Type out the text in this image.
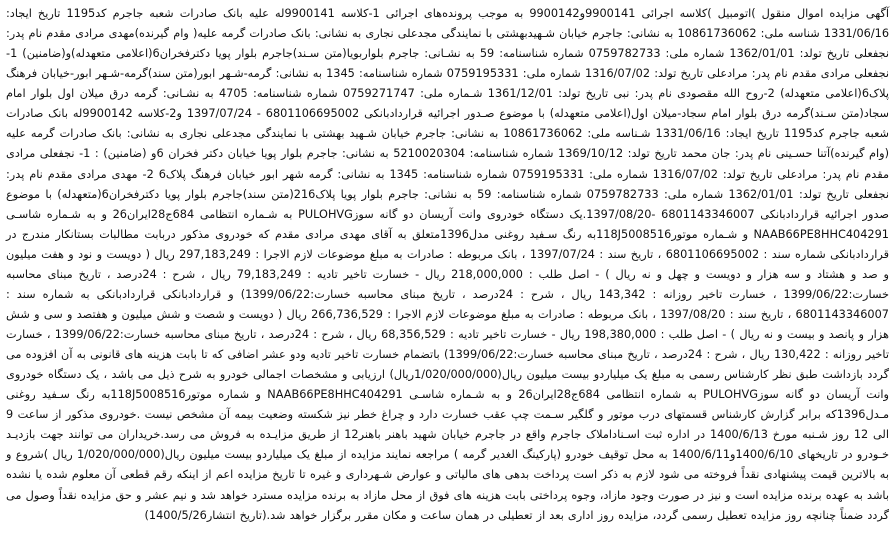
آگهی مزایده اموال منقول )اتومبیل )کلاسه اجرائی 9900141و9900142 به موجب پرونده‌های اجرائی 1-کلاسه 9900141له علیه بانک صادرات شعبه جاجرم کد1195 تاریخ ایجاد: 1331/06/16 شناسه ملی: 10861736062 به نشانی: جاجرم خیابان شـهیدبهشتی با نمایندگی مجدعلی نجاری به نشانی: بانک صادرات گرمه علیه( وام گیرنده)مهدی مرادی مقدم نام پدر: نجفعلی تاریخ تولد: 1362/01/01 شماره ملی: 0759782733 شماره شناسنامه: 59 به نشـانی: جاجرم بلواربویا(متن سـند)جاجرم بلوار پویا دکترفخران6(اعلامی متعهدله)و(ضامنین) 1- نجفعلی مرادی مقدم نام پدر: مرادعلی تاریخ تولد: 1316/07/02 شماره ملی: 0759195331 شماره شناسنامه: 1345 به نشانی: گرمه-شـهر ابور(متن سند)گرمه-شـهر ابور-خیابان فرهنگ پلاک6(اعلامی متعهدله) 2-روح الله مقصودی نام پدر: نبی تاریخ تولد: 1361/12/01 شـماره ملی: 0759271747 شماره شناسنامه: 4705 به نشـانی: گرمه درق میلان اول بلوار امام سجاد(متن سـند)گرمه درق بلوار امام سجاد-میلان اول(اعلامی متعهدله) با موضوع صـدور اجرائیه قراردادبانکی 6801106695002 - 1397/07/24 و2-کلاسه 9900142له بانک صادرات شعبه جاجرم کد1195 تاریخ ایجاد: 1331/06/16 شـناسه ملی: 10861736062 به نشانی: جاجرم خیابان شـهید بهشتی با نمایندگی مجدعلی نجاری به نشانی: بانک صادرات گرمه علیه (وام گیرنده)آتنا حسـینی نام پدر: جان محمد تاریخ تولد: 1369/10/12 شماره شناسنامه: 5210020304 به نشانی: جاجرم بلوار پویا خیابان دکتر فخران 6و (ضامنین) : 1- نجفعلی مرادی مقدم نام پدر: مرادعلی تاریخ تولد: 1316/07/02 شماره ملی: 0759195331 شماره شناسنامه: 1345 به نشانی: گرمه شهر ابور خیابان فرهنگ پلاک6 2- مهدی مرادی مقدم نام پدر: نجفعلی تاریخ تولد: 1362/01/01 شماره ملی: 0759782733 شماره شناسنامه: 59 به نشانی: جاجرم بلوار پویا پلاک216(متن سند)جاجرم بلوار پویا دکترفخران6(متعهدله) با موضوع صدور اجرائیه قراردادبانکی 6801143346007 -1397/08/20.یک دستگاه خودروی وانت آریسان دو گانه سوزPULOHVG به شـماره انتظامی 684ج28ایران26 و به شـماره شاسـی NAAB66PE8HHC404291 و شـماره موتور118J5008516به رنگ سـفید روغنی مدل1396متعلق به آقای مهدی مرادی مقدم که خودروی مذکور دربابت مطالبات بستانکار مندرج در قراردادبانکی شماره سند : 6801106695002 ، تاریخ سند : 1397/07/24 ، بانک مربوطه : صادرات به مبلغ موضوعات لازم الاجرا : 297,183,249 ریال ( دویست و نود و هفت میلیون و صد و هشتاد و سه هزار و دویست و چهل و نه ریال ) - اصل طلب : 218,000,000 ریال - خسارت تاخیر تادیه : 79,183,249 ریال ، شرح : 24درصد ، تاریخ مبنای محاسبه خسارت:1399/06/22 ، خسارت تاخیر روزانه : 143,342 ریال ، شرح : 24درصد ، تاریخ مبنای محاسبه خسارت:1399/06/22) و قراردادبانکی قراردادبانکی به شماره سند : 6801143346007 ، تاریخ سند : 1397/08/20 ، بانک مربوطه : صادرات به مبلغ موضوعات لازم الاجرا : 266,736,529 ریال ( دویست و شصت و شش میلیون و هفتصد و سی و شش هزار و پانصد و بیست و نه ریال ) - اصل طلب : 198,380,000 ریال - خسارت تاخیر تادیه : 68,356,529 ریال ، شرح : 24درصد ، تاریخ مبنای محاسبه خسارت:1399/06/22 ، خسارت تاخیر روزانه : 130,422 ریال ، شرح : 24درصد ، تاریخ مبنای محاسبه خسارت:1399/06/22) باتضمام خسارت تاخیر تادیه ودو عشر اضافی که تا بابت هزینه های قانونی به آن افزوده می گردد بازداشت طبق نظر کارشناس رسمی به مبلغ یک میلیاردو بیست میلیون ریال(1/020/000/000ریال) ارزیابی و مشخصات اجمالی خودرو به شرح ذیل می باشد ، یک دستگاه خودروی وانت آریسان دو گانه سوزPULOHVG به شماره انتظامی 684ج28ایران26 و به شـماره شاسـی NAAB66PE8HHC404291 و شماره موتور118J5008516به رنگ سـفید روغنی مـدل1396که برابر گزارش کارشناس قسمتهای درب موتور و گلگیر سـمت چپ عقب خسارت دارد و چراغ خطر نیز شکسته وضعیت بیمه آن مشخص نیست .خودروی مذکور از ساعت 9 الی 12 روز شـنبه مورخ 1400/6/13 در اداره ثبت اسـناداملاک جاجرم واقع در جاجرم خیابان شهید باهنر باهنر12 از طریق مزایـده به فروش می رسد.خریداران می توانند جهت بازدیـد خـودرو در تاریخهای 1400/6/10و1400/6/11 به محل توقیف خودرو (پارکینگ الغدیر گرمه ) مراجعه نمایند مزایده از مبلغ یک میلیاردو بیست میلیون ریال(1/020/000/000 ریال )شروع و به بالاترین قیمت پیشنهادی نقداً فروخته می شود لازم به ذکر است پرداخت بدهی های مالیاتی و عوارض شـهرداری و غیره تا تاریخ مزایده اعم از اینکه رقم قطعی آن معلوم شده یا نشده باشد به عهده برنده مزایده است و نیز در صورت وجود مازاد، وجوه پرداختی بابت هزینه های فوق از محل مازاد به برنده مزایده مسترد خواهد شد و نیم عشر و حق مزایده نقداً وصول می گردد ضمناً چنانچه روز مزایده تعطیل رسمی گردد، مزایده روز اداری بعد از تعطیلی در همان ساعت و مکان مقرر برگزار خواهد شد.(تاریخ انتشار1400/5/26)
